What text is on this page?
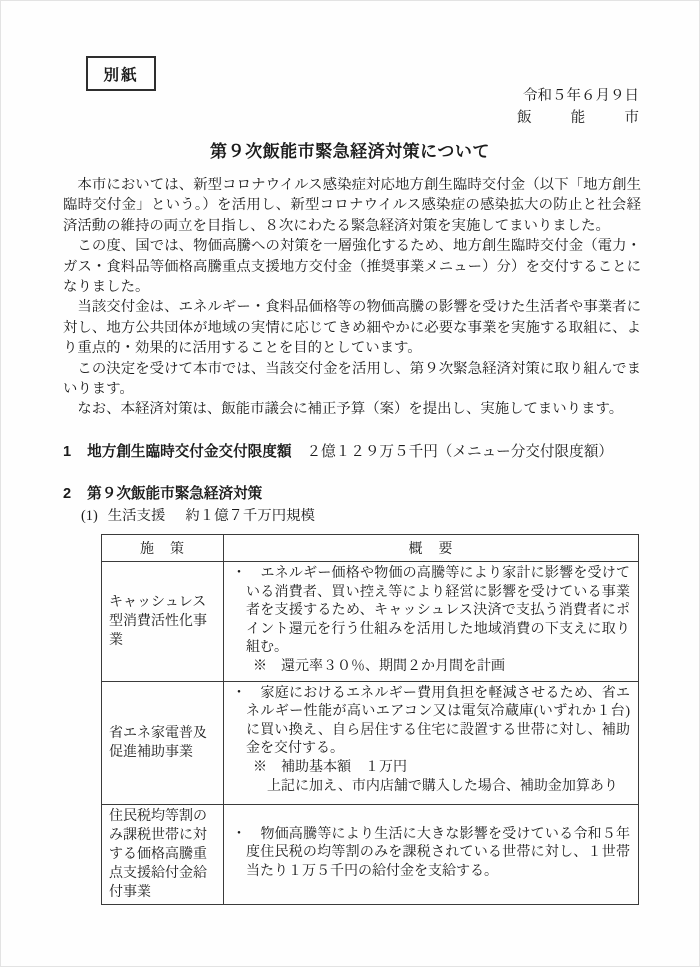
別紙
令和５年６月９日
飯	能	市
第９次飯能市緊急経済対策について

本市においては、新型コロナウイルス感染症対応地方創生臨時交付金（以下「地方創生臨時交付金」という。）を活用し、新型コロナウイルス感染症の感染拡大の防止と社会経済活動の維持の両立を目指し、８次にわたる緊急経済対策を実施してまいりました。

この度、国では、物価高騰への対策を一層強化するため、地方創生臨時交付金（電力・ガス・食料品等価格高騰重点支援地方交付金（推奨事業メニュー）分）を交付することになりました。

当該交付金は、エネルギー・食料品価格等の物価高騰の影響を受けた生活者や事業者に対し、地方公共団体が地域の実情に応じてきめ細やかに必要な事業を実施する取組に、より重点的・効果的に活用することを目的としています。

この決定を受けて本市では、当該交付金を活用し、第９次緊急経済対策に取り組んでまいります。

なお、本経済対策は、飯能市議会に補正予算（案）を提出し、実施してまいります。

1 地方創生臨時交付金交付限度額 ２億１２９万５千円（メニュー分交付限度額）
2 第９次飯能市緊急経済対策
(1) 生活支援 約１億７千万円規模
施　策	概　要
キャッシュレス型消費活性化事業	・　エネルギー価格や物価の高騰等により家計に影響を受けている消費者、買い控え等により経営に影響を受けている事業者を支援するため、キャッシュレス決済で支払う消費者にポイント還元を行う仕組みを活用した地域消費の下支えに取り組む。

※　還元率３０％、期間２か月間を計画

省エネ家電普及促進補助事業	・　家庭におけるエネルギー費用負担を軽減させるため、省エネルギー性能が高いエアコン又は電気冷蔵庫(いずれか１台)に買い換え、自ら居住する住宅に設置する世帯に対し、補助金を交付する。

※　補助基本額　１万円

上記に加え、市内店舗で購入した場合、補助金加算あり

住民税均等割のみ課税世帯に対する価格高騰重点支援給付金給付事業	・　物価高騰等により生活に大きな影響を受けている令和５年度住民税の均等割のみを課税されている世帯に対し、１世帯当たり１万５千円の給付金を支給する。
